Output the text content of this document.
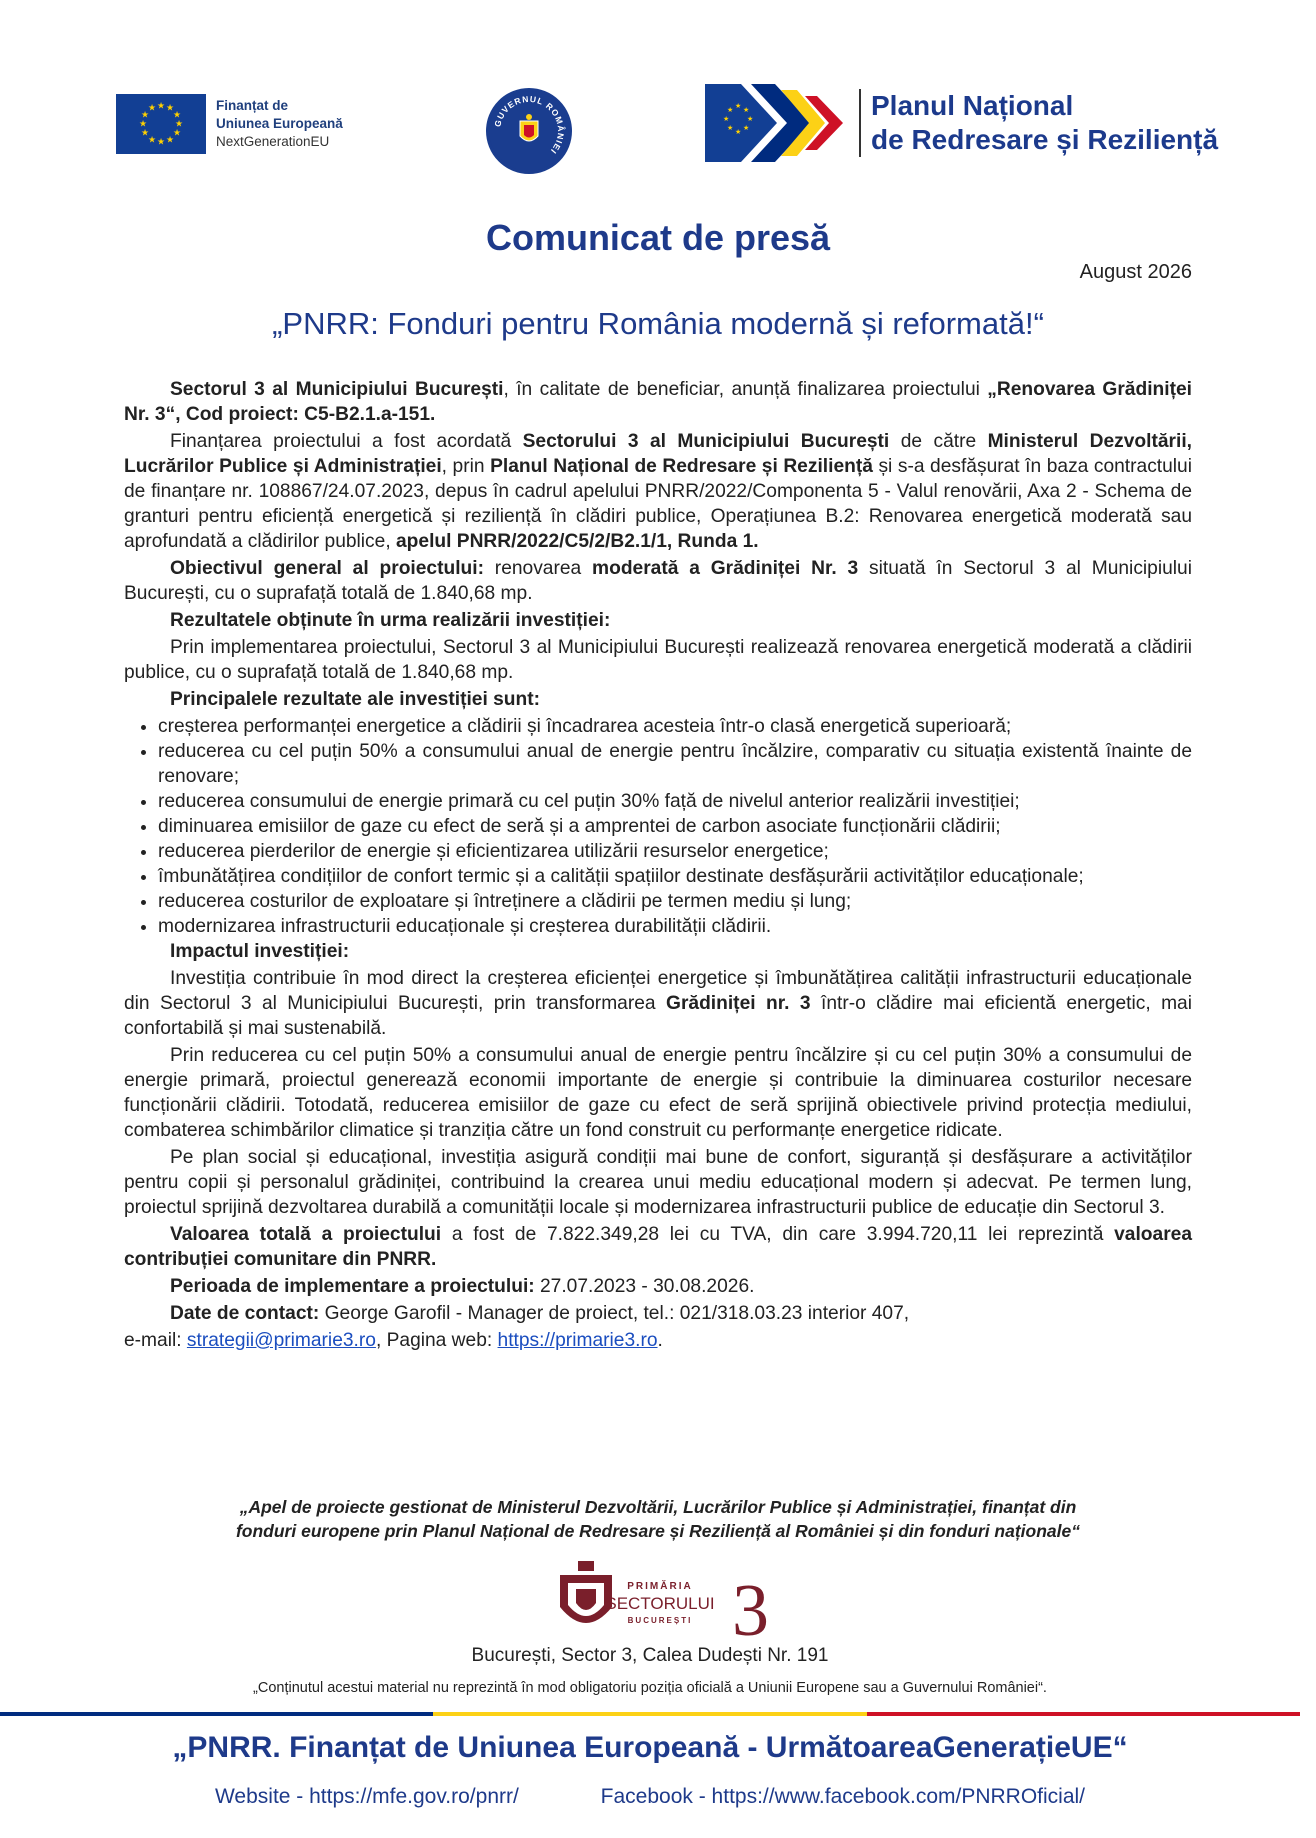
★ ★
★
★
★
★
★
★
★
★
★
★	Finanțat de
Uniunea Europeană
NextGenerationEU
GUVERNUL ROMÂNIEI
★
★
★
★
★
★
★
★	Planul Național
de Redresare și Reziliență
Comunicat de presă
August 2026
„PNRR: Fonduri pentru România modernă și reformată!“

Sectorul 3 al Municipiului București, în calitate de beneficiar, anunță finalizarea proiectului „Renovarea Grădiniței Nr. 3“, Cod proiect: C5-B2.1.a-151.

Finanțarea proiectului a fost acordată Sectorului 3 al Municipiului București de către Ministerul Dezvoltării, Lucrărilor Publice și Administrației, prin Planul Național de Redresare și Reziliență și s-a desfășurat în baza contractului de finanțare nr. 108867/24.07.2023, depus în cadrul apelului PNRR/2022/Componenta 5 - Valul renovării, Axa 2 - Schema de granturi pentru eficiență energetică și reziliență în clădiri publice, Operațiunea B.2: Renovarea energetică moderată sau aprofundată a clădirilor publice, apelul PNRR/2022/C5/2/B2.1/1, Runda 1.

Obiectivul general al proiectului: renovarea moderată a Grădiniței Nr. 3 situată în Sectorul 3 al Municipiului București, cu o suprafață totală de 1.840,68 mp.

Rezultatele obținute în urma realizării investiției:

Prin implementarea proiectului, Sectorul 3 al Municipiului București realizează renovarea energetică moderată a clădirii publice, cu o suprafață totală de 1.840,68 mp.

Principalele rezultate ale investiției sunt:

• creșterea performanței energetice a clădirii și încadrarea acesteia într-o clasă energetică superioară;
• reducerea cu cel puțin 50% a consumului anual de energie pentru încălzire, comparativ cu situația existentă înainte de renovare;
• reducerea consumului de energie primară cu cel puțin 30% față de nivelul anterior realizării investiției;
• diminuarea emisiilor de gaze cu efect de seră și a amprentei de carbon asociate funcționării clădirii;
• reducerea pierderilor de energie și eficientizarea utilizării resurselor energetice;
• îmbunătățirea condițiilor de confort termic și a calității spațiilor destinate desfășurării activităților educaționale;
• reducerea costurilor de exploatare și întreținere a clădirii pe termen mediu și lung;
• modernizarea infrastructurii educaționale și creșterea durabilității clădirii.

Impactul investiției:

Investiția contribuie în mod direct la creșterea eficienței energetice și îmbunătățirea calității infrastructurii educaționale din Sectorul 3 al Municipiului București, prin transformarea Grădiniței nr. 3 într-o clădire mai eficientă energetic, mai confortabilă și mai sustenabilă.

Prin reducerea cu cel puțin 50% a consumului anual de energie pentru încălzire și cu cel puțin 30% a consumului de energie primară, proiectul generează economii importante de energie și contribuie la diminuarea costurilor necesare funcționării clădirii. Totodată, reducerea emisiilor de gaze cu efect de seră sprijină obiectivele privind protecția mediului, combaterea schimbărilor climatice și tranziția către un fond construit cu performanțe energetice ridicate.

Pe plan social și educațional, investiția asigură condiții mai bune de confort, siguranță și desfășurare a activităților pentru copii și personalul grădiniței, contribuind la crearea unui mediu educațional modern și adecvat. Pe termen lung, proiectul sprijină dezvoltarea durabilă a comunității locale și modernizarea infrastructurii publice de educație din Sectorul 3.

Valoarea totală a proiectului a fost de 7.822.349,28 lei cu TVA, din care 3.994.720,11 lei reprezintă valoarea contribuției comunitare din PNRR.

Perioada de implementare a proiectului: 27.07.2023 - 30.08.2026.

Date de contact: George Garofil - Manager de proiect, tel.: 021/318.03.23 interior 407,

e-mail: strategii@primarie3.ro, Pagina web: https://primarie3.ro.

„Apel de proiecte gestionat de Ministerul Dezvoltării, Lucrărilor Publice și Administrației, finanțat din
fonduri europene prin Planul Național de Redresare și Reziliență al României și din fonduri naționale“
PRIMĂRIA
SECTORULUI
BUCUREȘTI 3
București, Sector 3, Calea Dudești Nr. 191
„Conținutul acestui material nu reprezintă în mod obligatoriu poziția oficială a Uniunii Europene sau a Guvernului României“.
„PNRR. Finanțat de Uniunea Europeană - UrmătoareaGenerațieUE“
Website - https://mfe.gov.ro/pnrr/	Facebook - https://www.facebook.com/PNRROficial/
